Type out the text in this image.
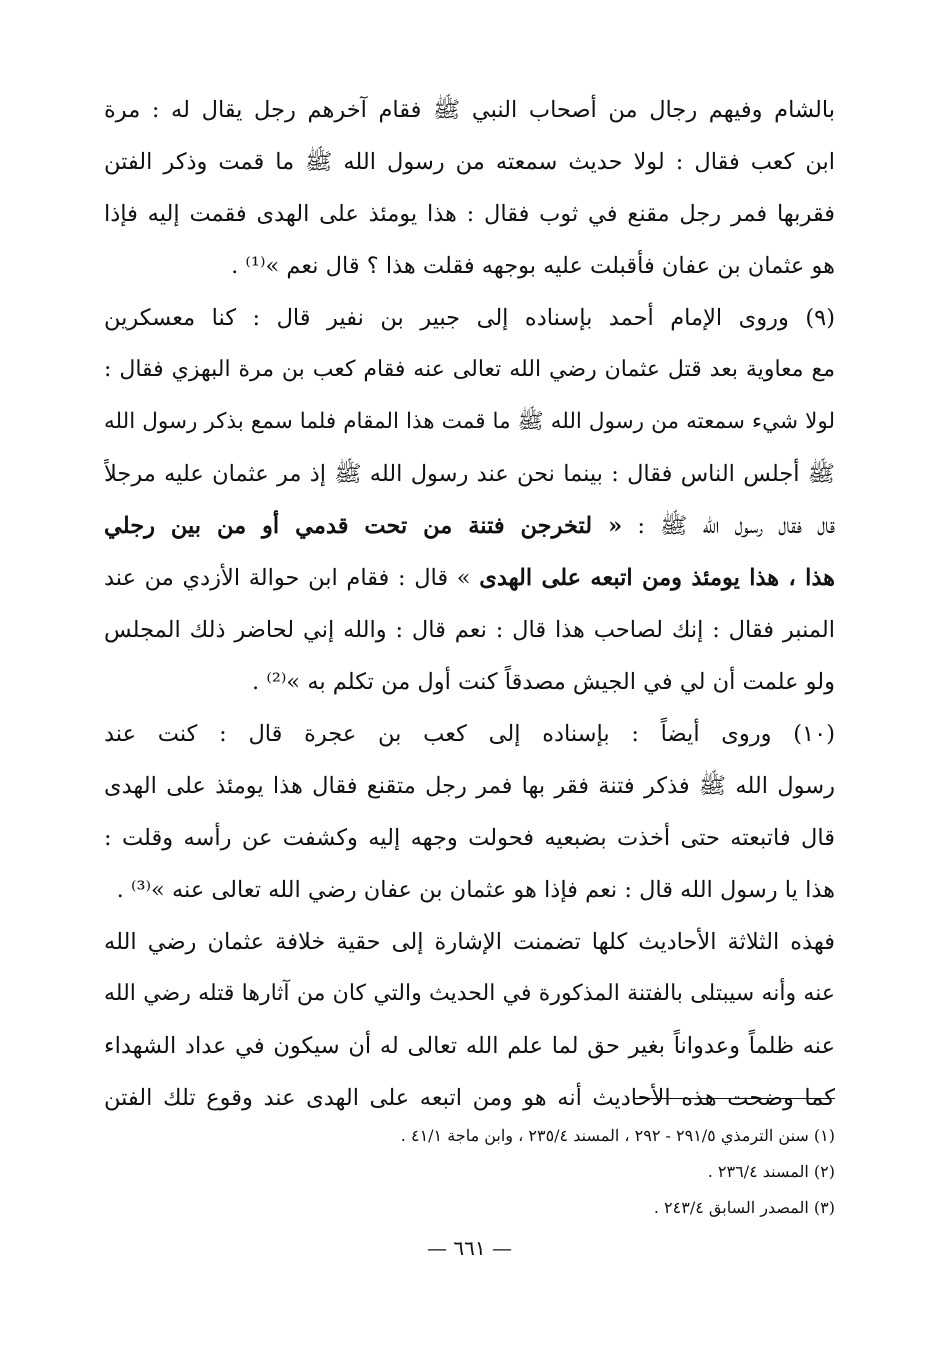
بالشام وفيهم رجال من أصحاب النبي ﷺ فقام آخرهم رجل يقال له : مرة
ابن كعب فقال : لولا حديث سمعته من رسول الله ﷺ ما قمت وذكر الفتن
فقربها فمر رجل مقنع في ثوب فقال : هذا يومئذ على الهدى فقمت إليه فإذا
هو عثمان بن عفان فأقبلت عليه بوجهه فقلت هذا ؟ قال نعم »⁽¹⁾ .
(٩) وروى الإمام أحمد بإسناده إلى جبير بن نفير قال : كنا معسكرين
مع معاوية بعد قتل عثمان رضي الله تعالى عنه فقام كعب بن مرة البهزي فقال :
لولا شيء سمعته من رسول الله ﷺ ما قمت هذا المقام فلما سمع بذكر رسول الله
ﷺ أجلس الناس فقال : بينما نحن عند رسول الله ﷺ إذ مر عثمان عليه مرجلاً
قال فقال رسول الله ﷺ : « لتخرجن فتنة من تحت قدمي أو من بين رجلي
هذا ، هذا يومئذ ومن اتبعه على الهدى » قال : فقام ابن حوالة الأزدي من عند
المنبر فقال : إنك لصاحب هذا قال : نعم قال : والله إني لحاضر ذلك المجلس
ولو علمت أن لي في الجيش مصدقاً كنت أول من تكلم به »⁽²⁾ .
(١٠) وروى أيضاً : بإسناده إلى كعب بن عجرة قال : كنت عند
رسول الله ﷺ فذكر فتنة فقر بها فمر رجل متقنع فقال هذا يومئذ على الهدى
قال فاتبعته حتى أخذت بضبعيه فحولت وجهه إليه وكشفت عن رأسه وقلت :
هذا يا رسول الله قال : نعم فإذا هو عثمان بن عفان رضي الله تعالى عنه »⁽³⁾ .
فهذه الثلاثة الأحاديث كلها تضمنت الإشارة إلى حقية خلافة عثمان رضي الله
عنه وأنه سيبتلى بالفتنة المذكورة في الحديث والتي كان من آثارها قتله رضي الله
عنه ظلماً وعدواناً بغير حق لما علم الله تعالى له أن سيكون في عداد الشهداء
كما وضحت هذه الأحاديث أنه هو ومن اتبعه على الهدى عند وقوع تلك الفتن
(١) سنن الترمذي ٢٩١/٥ - ٢٩٢ ، المسند ٢٣٥/٤ ، وابن ماجة ٤١/١ .
(٢) المسند ٢٣٦/٤ .
(٣) المصدر السابق ٢٤٣/٤ .
— ٦٦١ —
